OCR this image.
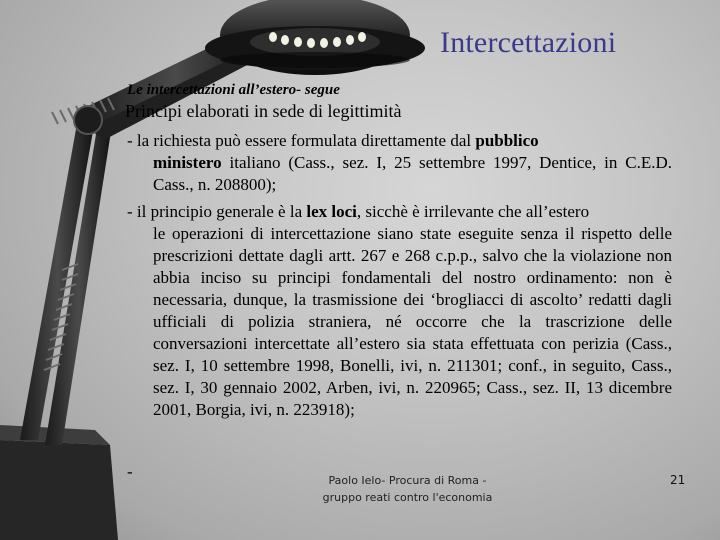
Intercettazioni
Le intercettazioni all’estero- segue
Principi elaborati in sede di legittimità
- la richiesta può essere formulata direttamente dal pubblico
ministero italiano (Cass., sez. I, 25 settembre 1997, Dentice, in C.E.D. Cass., n. 208800);
- il principio generale è la lex loci, sicchè è irrilevante che all’estero
le operazioni di intercettazione siano state eseguite senza il rispetto delle prescrizioni dettate dagli artt. 267 e 268 c.p.p., salvo che la violazione non abbia inciso su principi fondamentali del nostro ordinamento: non è necessaria, dunque, la trasmissione dei ‘brogliacci di ascolto’ redatti dagli ufficiali di polizia straniera, né occorre che la trascrizione delle conversazioni intercettate all’estero sia stata effettuata con perizia (Cass., sez. I, 10 settembre 1998, Bonelli, ivi, n. 211301; conf., in seguito, Cass., sez. I, 30 gennaio 2002, Arben, ivi, n. 220965; Cass., sez. II, 13 dicembre 2001, Borgia, ivi, n. 223918);
-	Paolo Ielo- Procura di Roma -
gruppo reati contro l'economia
21
